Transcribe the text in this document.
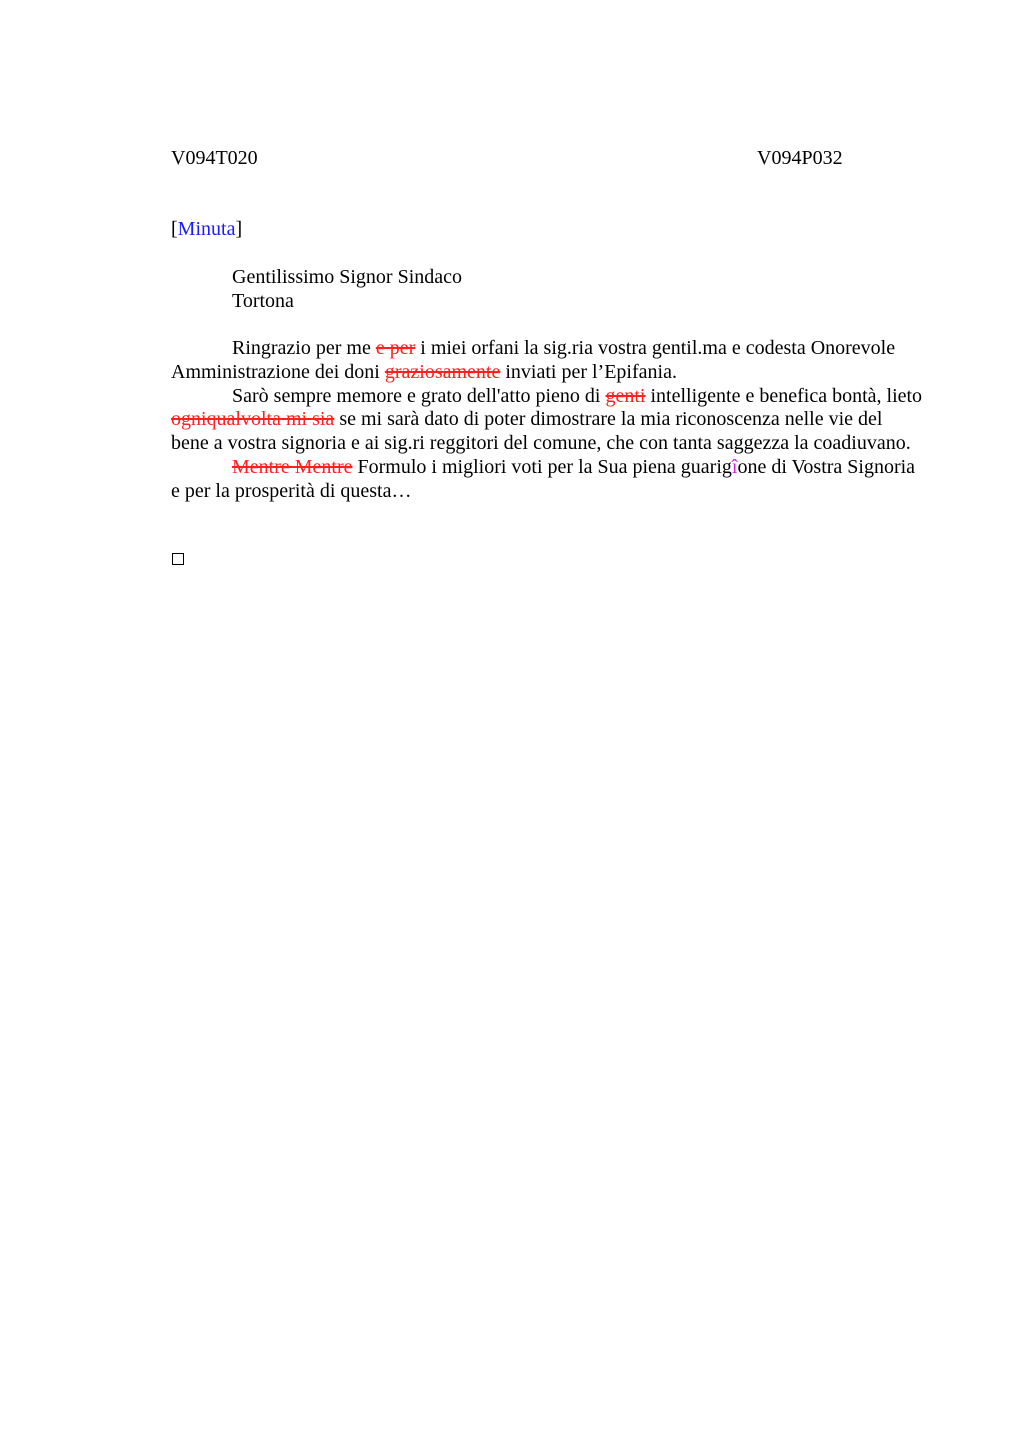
V094T020	V094P032
[Minuta]
Gentilissimo Signor Sindaco
Tortona

Ringrazio per me e per i miei orfani la sig.ria vostra gentil.ma e codesta Onorevole Amministrazione dei doni graziosamente inviati per l’Epifania.

Sarò sempre memore e grato dell'atto pieno di genti intelligente e benefica bontà, lieto ogniqualvolta mi sia se mi sarà dato di poter dimostrare la mia riconoscenza nelle vie del bene a vostra signoria e ai sig.ri reggitori del comune, che con tanta saggezza la coadiuvano.

Mentre Mentre Formulo i migliori voti per la Sua piena guarigîone di Vostra Signoria e per la prosperità di questa…
